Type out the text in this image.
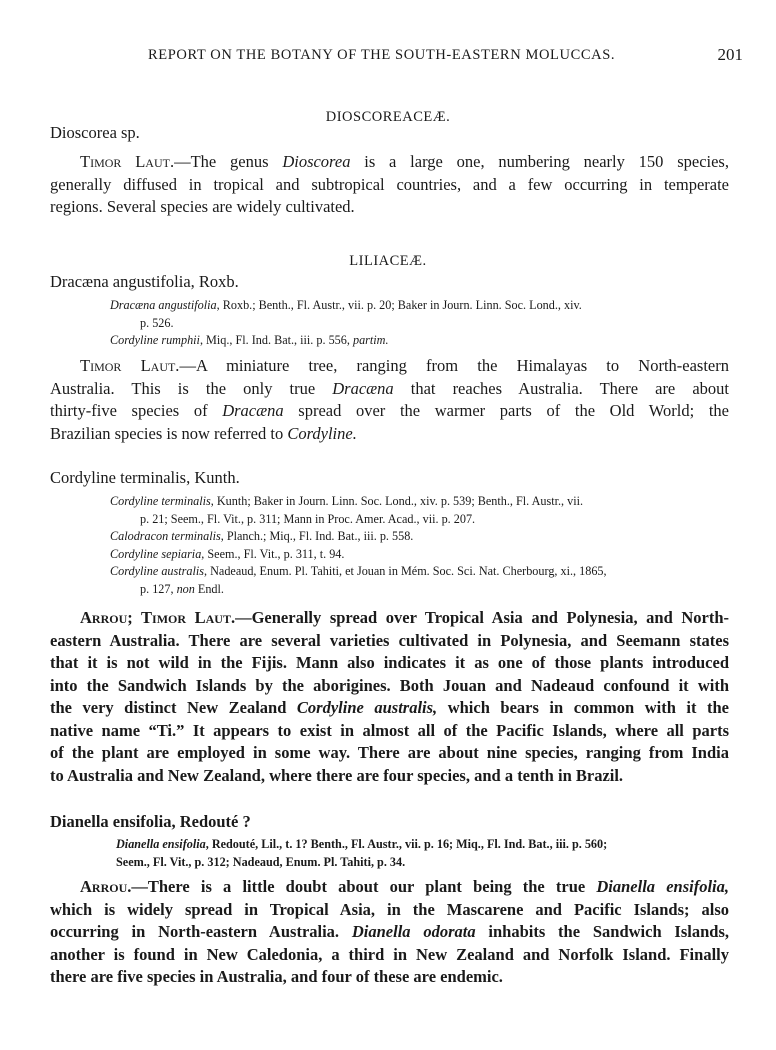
REPORT ON THE BOTANY OF THE SOUTH-EASTERN MOLUCCAS.	201
DIOSCOREACEÆ.
Dioscorea sp.
Timor Laut.—The genus Dioscorea is a large one, numbering nearly 150 species,
generally diffused in tropical and subtropical countries, and a few occurring in temperate
regions. Several species are widely cultivated.
LILIACEÆ.
Dracæna angustifolia, Roxb.
Dracæna angustifolia, Roxb.; Benth., Fl. Austr., vii. p. 20; Baker in Journ. Linn. Soc. Lond., xiv.
p. 526.
Cordyline rumphii, Miq., Fl. Ind. Bat., iii. p. 556, partim.
Timor Laut.—A miniature tree, ranging from the Himalayas to North-eastern
Australia. This is the only true Dracæna that reaches Australia. There are about
thirty-five species of Dracæna spread over the warmer parts of the Old World; the
Brazilian species is now referred to Cordyline.
Cordyline terminalis, Kunth.
Cordyline terminalis, Kunth; Baker in Journ. Linn. Soc. Lond., xiv. p. 539; Benth., Fl. Austr., vii.
p. 21; Seem., Fl. Vit., p. 311; Mann in Proc. Amer. Acad., vii. p. 207.
Calodracon terminalis, Planch.; Miq., Fl. Ind. Bat., iii. p. 558.
Cordyline sepiaria, Seem., Fl. Vit., p. 311, t. 94.
Cordyline australis, Nadeaud, Enum. Pl. Tahiti, et Jouan in Mém. Soc. Sci. Nat. Cherbourg, xi., 1865,
p. 127, non Endl.
Arrou; Timor Laut.—Generally spread over Tropical Asia and Polynesia, and North-
eastern Australia. There are several varieties cultivated in Polynesia, and Seemann states
that it is not wild in the Fijis. Mann also indicates it as one of those plants introduced
into the Sandwich Islands by the aborigines. Both Jouan and Nadeaud confound it with
the very distinct New Zealand Cordyline australis, which bears in common with it the
native name “Ti.” It appears to exist in almost all of the Pacific Islands, where all parts
of the plant are employed in some way. There are about nine species, ranging from India
to Australia and New Zealand, where there are four species, and a tenth in Brazil.
Dianella ensifolia, Redouté ?
Dianella ensifolia, Redouté, Lil., t. 1? Benth., Fl. Austr., vii. p. 16; Miq., Fl. Ind. Bat., iii. p. 560;
Seem., Fl. Vit., p. 312; Nadeaud, Enum. Pl. Tahiti, p. 34.
Arrou.—There is a little doubt about our plant being the true Dianella ensifolia,
which is widely spread in Tropical Asia, in the Mascarene and Pacific Islands; also
occurring in North-eastern Australia. Dianella odorata inhabits the Sandwich Islands,
another is found in New Caledonia, a third in New Zealand and Norfolk Island. Finally
there are five species in Australia, and four of these are endemic.
